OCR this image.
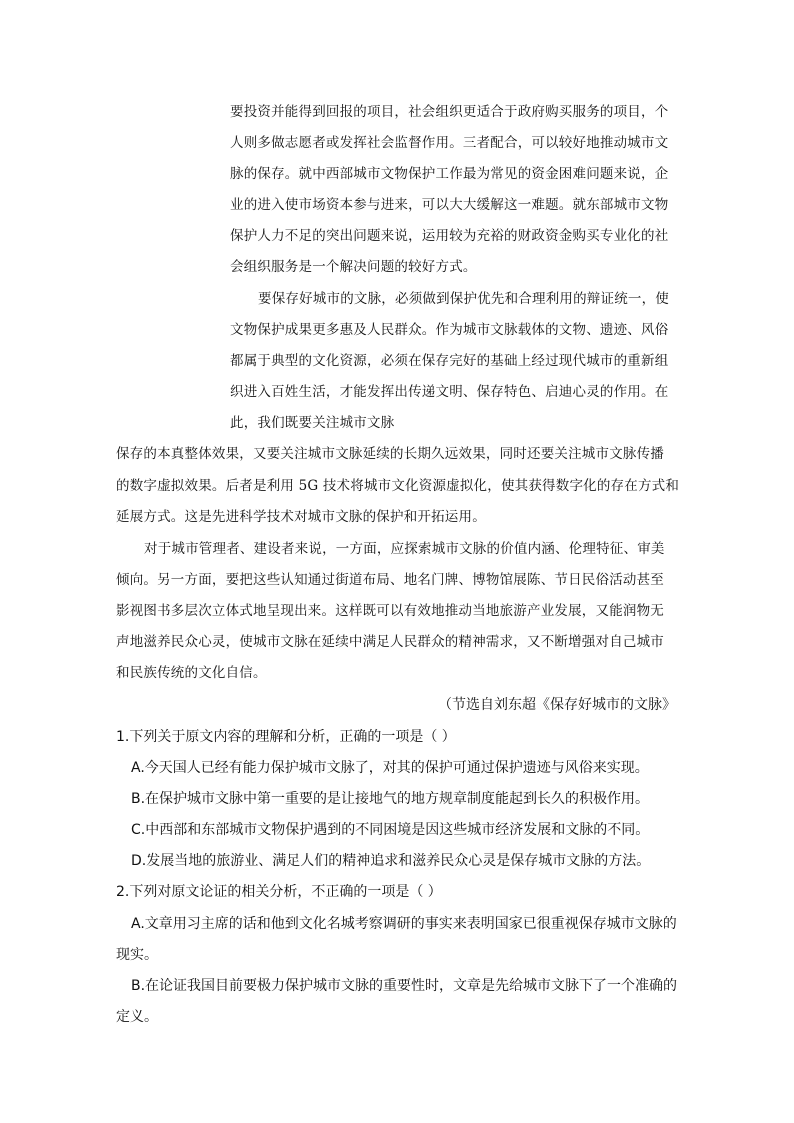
要投资并能得到回报的项目，社会组织更适合于政府购买服务的项目，个
人则多做志愿者或发挥社会监督作用。三者配合，可以较好地推动城市文
脉的保存。就中西部城市文物保护工作最为常见的资金困难问题来说，企
业的进入使市场资本参与进来，可以大大缓解这一难题。就东部城市文物
保护人力不足的突出问题来说，运用较为充裕的财政资金购买专业化的社
会组织服务是一个解决问题的较好方式。
要保存好城市的文脉，必须做到保护优先和合理利用的辩证统一，使
文物保护成果更多惠及人民群众。作为城市文脉载体的文物、遗迹、风俗
都属于典型的文化资源，必须在保存完好的基础上经过现代城市的重新组
织进入百姓生活，才能发挥出传递文明、保存特色、启迪心灵的作用。在
此，我们既要关注城市文脉
保存的本真整体效果，又要关注城市文脉延续的长期久远效果，同时还要关注城市文脉传播
的数字虚拟效果。后者是利用 5G 技术将城市文化资源虚拟化，使其获得数字化的存在方式和
延展方式。这是先进科学技术对城市文脉的保护和开拓运用。
对于城市管理者、建设者来说，一方面，应探索城市文脉的价值内涵、伦理特征、审美
倾向。另一方面，要把这些认知通过街道布局、地名门牌、博物馆展陈、节日民俗活动甚至
影视图书多层次立体式地呈现出来。这样既可以有效地推动当地旅游产业发展，又能润物无
声地滋养民众心灵，使城市文脉在延续中满足人民群众的精神需求，又不断增强对自己城市
和民族传统的文化自信。
（节选自刘东超《保存好城市的文脉》
1.下列关于原文内容的理解和分析，正确的一项是（ ）
A.今天国人已经有能力保护城市文脉了，对其的保护可通过保护遗迹与风俗来实现。
B.在保护城市文脉中第一重要的是让接地气的地方规章制度能起到长久的积极作用。
C.中西部和东部城市文物保护遇到的不同困境是因这些城市经济发展和文脉的不同。
D.发展当地的旅游业、满足人们的精神追求和滋养民众心灵是保存城市文脉的方法。
2.下列对原文论证的相关分析，不正确的一项是（ ）
A.文章用习主席的话和他到文化名城考察调研的事实来表明国家已很重视保存城市文脉的
现实。
B.在论证我国目前要极力保护城市文脉的重要性时，文章是先给城市文脉下了一个准确的
定义。
